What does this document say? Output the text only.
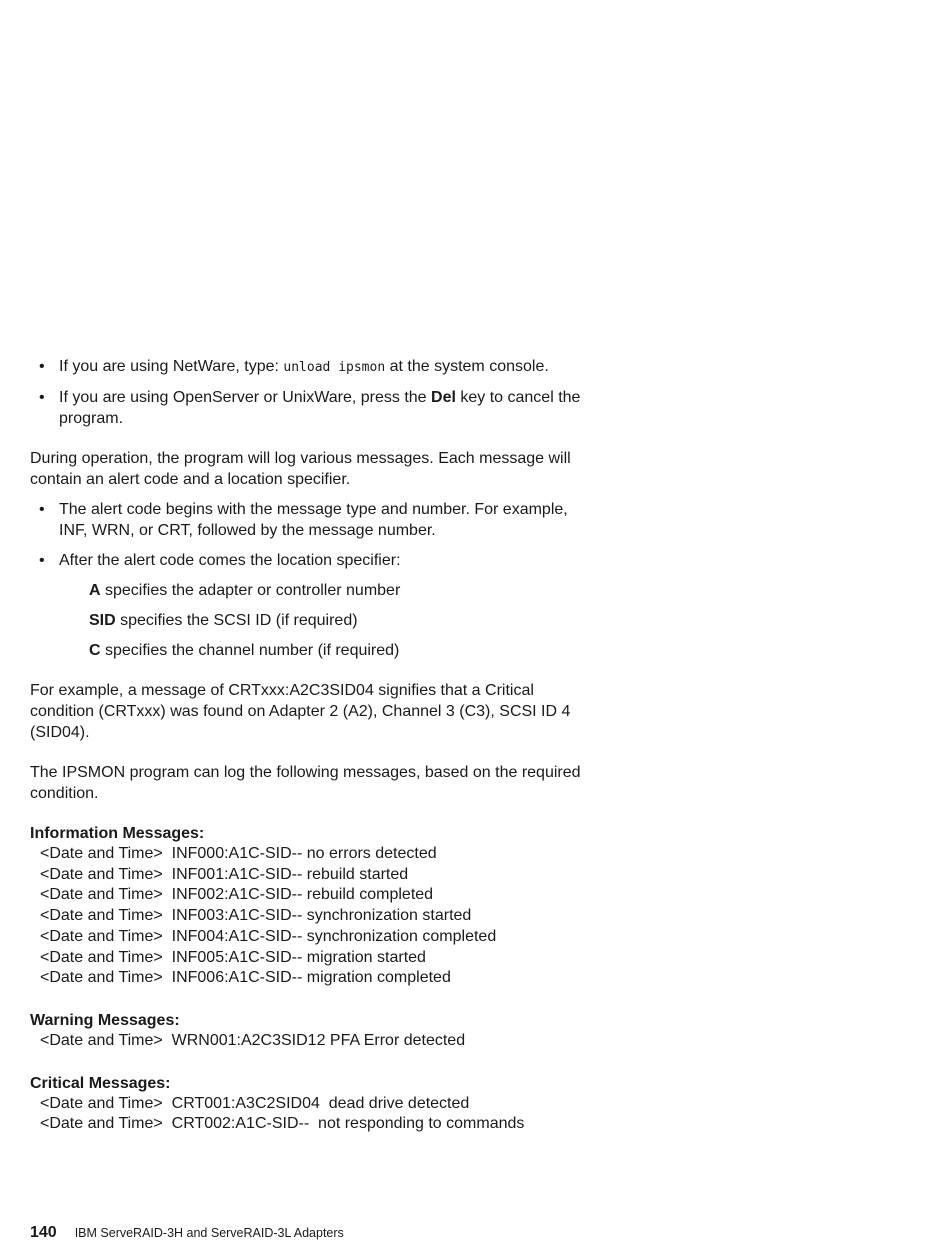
• If you are using NetWare, type: unload ipsmon at the system console.
• If you are using OpenServer or UnixWare, press the Del key to cancel the program.

During operation, the program will log various messages. Each message will contain an alert code and a location specifier.

• The alert code begins with the message type and number. For example, INF, WRN, or CRT, followed by the message number.
• After the alert code comes the location specifier:
A specifies the adapter or controller number
SID specifies the SCSI ID (if required)
C specifies the channel number (if required)

For example, a message of CRTxxx:A2C3SID04 signifies that a Critical condition (CRTxxx) was found on Adapter 2 (A2), Channel 3 (C3), SCSI ID 4 (SID04).

The IPSMON program can log the following messages, based on the required condition.

Information Messages:

<Date and Time>  INF000:A1C-SID-- no errors detected

<Date and Time>  INF001:A1C-SID-- rebuild started

<Date and Time>  INF002:A1C-SID-- rebuild completed

<Date and Time>  INF003:A1C-SID-- synchronization started

<Date and Time>  INF004:A1C-SID-- synchronization completed

<Date and Time>  INF005:A1C-SID-- migration started

<Date and Time>  INF006:A1C-SID-- migration completed

Warning Messages:

<Date and Time>  WRN001:A2C3SID12 PFA Error detected

Critical Messages:

<Date and Time>  CRT001:A3C2SID04  dead drive detected

<Date and Time>  CRT002:A1C-SID--  not responding to commands

140 IBM ServeRAID-3H and ServeRAID-3L Adapters
